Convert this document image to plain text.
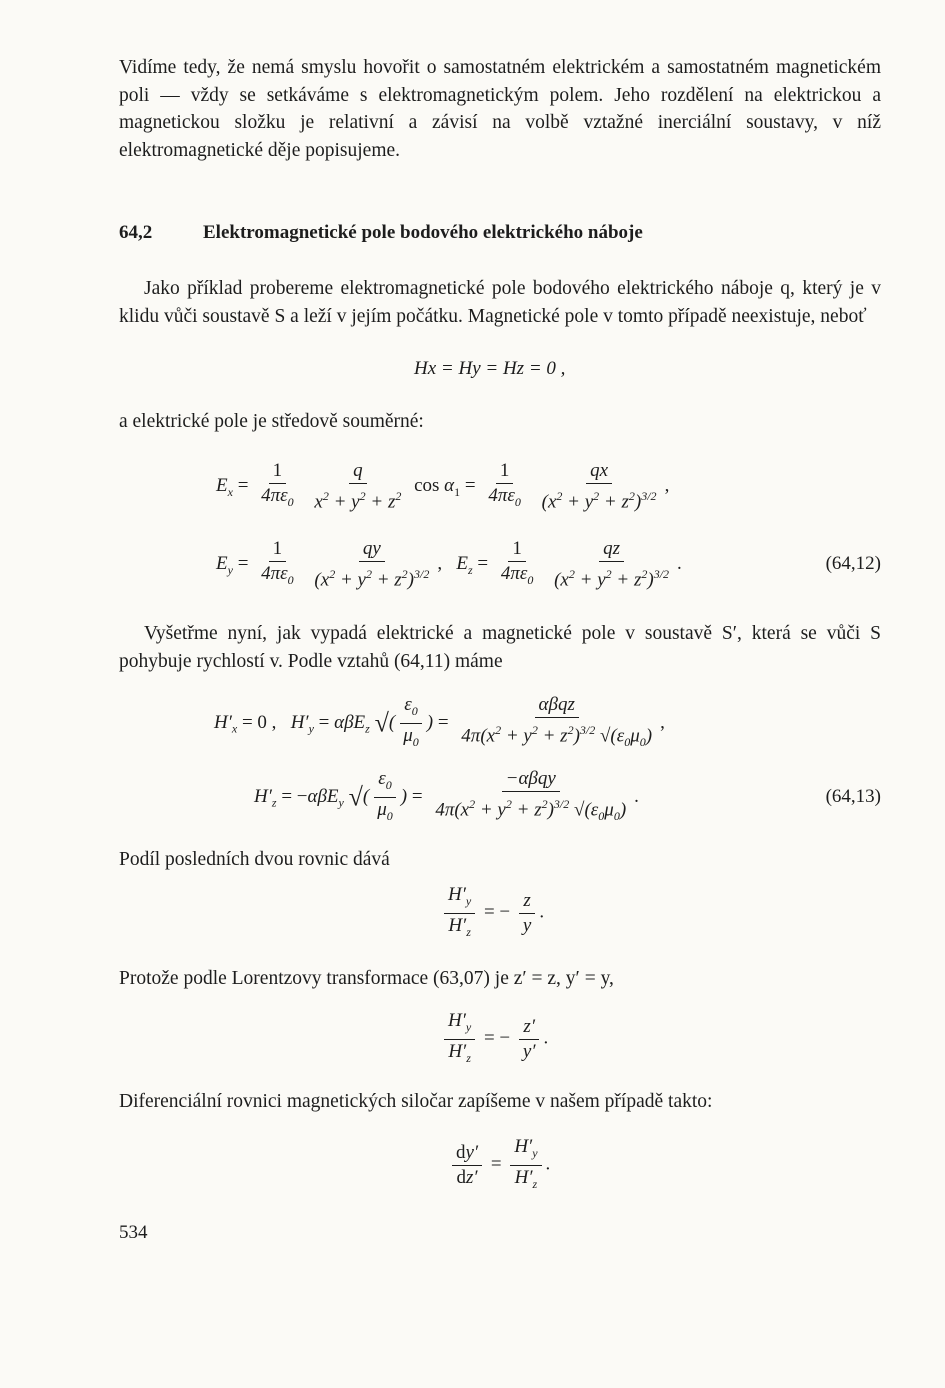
Vidíme tedy, že nemá smyslu hovořit o samostatném elektrickém a samostatném magnetickém poli — vždy se setkáváme s elektromagnetickým polem. Jeho rozdělení na elektrickou a magnetickou složku je relativní a závisí na volbě vztažné inerciální soustavy, v níž elektromagnetické děje popisujeme.

64,2	Elektromagnetické pole bodového elektrického náboje

Jako příklad probereme elektromagnetické pole bodového elektrického náboje q, který je v klidu vůči soustavě S a leží v jejím počátku. Magnetické pole v tomto případě neexistuje, neboť

Hx = Hy = Hz = 0 ,

a elektrické pole je středově souměrné:

$E_x = \frac{1}{4\pi\varepsilon_0}$
$\frac{q}{x^2 + y^2 + z^2}$ $\cos \alpha_1 = \frac{1}{4\pi\varepsilon_0}$
$\frac{qx}{(x^2 + y^2 + z^2)^{3/2}}$ ,
$E_y = \frac{1}{4\pi\varepsilon_0}$
$\frac{qy}{(x^2 + y^2 + z^2)^{3/2}}$ ,   $E_z = \frac{1}{4\pi\varepsilon_0}$
$\frac{qz}{(x^2 + y^2 + z^2)^{3/2}}$ .	(64,12)

Vyšetřme nyní, jak vypadá elektrické a magnetické pole v soustavě S′, která se vůči S pohybuje rychlostí v. Podle vztahů (64,11) máme

$H'_x = 0$ ,   $H'_y = \alpha\beta E_z$ √( $\frac{\varepsilon_0}{\mu_0}$ ) = $\frac{\text{αβqz}}{4\pi(x^2 + y^2 + z^2)^{3/2} √(\varepsilon_0\mu_0)}$ ,
$H'_z = -\alpha\beta E_y$ √( $\frac{\varepsilon_0}{\mu_0}$ ) = $\frac{\text{−αβqy}}{4\pi(x^2 + y^2 + z^2)^{3/2} √(\varepsilon_0\mu_0)}$ .	(64,13)

Podíl posledních dvou rovnic dává

$\frac{H'_y}{H'_z}$ = − $\frac{z}{y}$ .

Protože podle Lorentzovy transformace (63,07) je z′ = z, y′ = y,

$\frac{H'_y}{H'_z}$ = − $\frac{z'}{y'}$ .

Diferenciální rovnici magnetických siločar zapíšeme v našem případě takto:

$\frac{dy'}{dz'} = \frac{H'_y}{H'_z}$ .
534
